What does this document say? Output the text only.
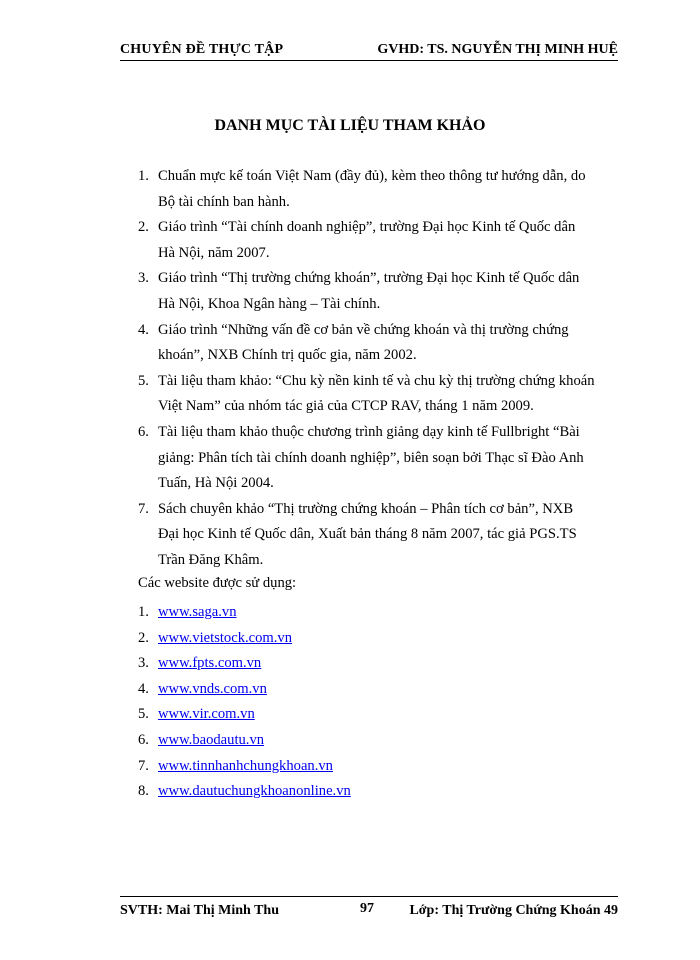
CHUYÊN ĐỀ THỰC TẬP	GVHD: TS. NGUYỄN THỊ MINH HUỆ
DANH MỤC TÀI LIỆU THAM KHẢO
1. Chuẩn mực kế toán Việt Nam (đầy đủ), kèm theo thông tư hướng dẫn, do
Bộ tài chính ban hành.
2. Giáo trình “Tài chính doanh nghiệp”, trường Đại học Kinh tế Quốc dân
Hà Nội, năm 2007.
3. Giáo trình “Thị trường chứng khoán”, trường Đại học Kinh tế Quốc dân
Hà Nội, Khoa Ngân hàng – Tài chính.
4. Giáo trình “Những vấn đề cơ bản về chứng khoán và thị trường chứng
khoán”, NXB Chính trị quốc gia, năm 2002.
5. Tài liệu tham khảo: “Chu kỳ nền kinh tế và chu kỳ thị trường chứng khoán
Việt Nam” của nhóm tác giả của CTCP RAV, tháng 1 năm 2009.
6. Tài liệu tham khảo thuộc chương trình giảng dạy kinh tế Fullbright “Bài
giảng: Phân tích tài chính doanh nghiệp”, biên soạn bởi Thạc sĩ Đào Anh
Tuấn, Hà Nội 2004.
7. Sách chuyên khảo “Thị trường chứng khoán – Phân tích cơ bản”, NXB
Đại học Kinh tế Quốc dân, Xuất bản tháng 8 năm 2007, tác giả PGS.TS
Trần Đăng Khâm.
Các website được sử dụng:
1. www.saga.vn
2. www.vietstock.com.vn
3. www.fpts.com.vn
4. www.vnds.com.vn
5. www.vir.com.vn
6. www.baodautu.vn
7. www.tinnhanhchungkhoan.vn
8. www.dautuchungkhoanonline.vn
SVTH: Mai Thị Minh Thu	97	Lớp: Thị Trường Chứng Khoán 49
